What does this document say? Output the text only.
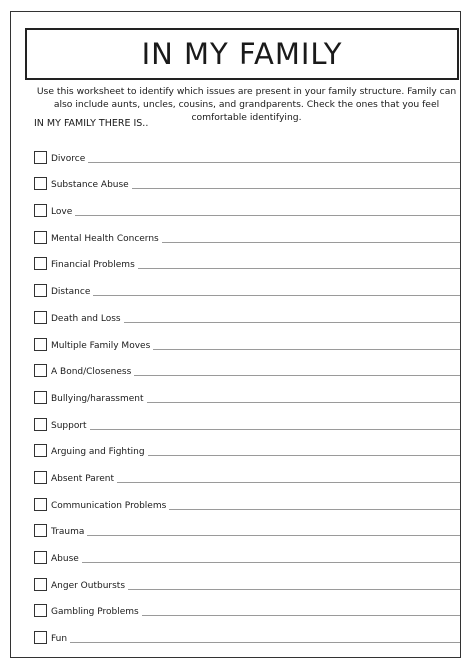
IN MY FAMILY

Use this worksheet to identify which issues are present in your family structure. Family can also include aunts, uncles, cousins, and grandparents. Check the ones that you feel comfortable identifying.

IN MY FAMILY THERE IS..

Divorce
Substance Abuse
Love
Mental Health Concerns
Financial Problems
Distance
Death and Loss
Multiple Family Moves
A Bond/Closeness
Bullying/harassment
Support
Arguing and Fighting
Absent Parent
Communication Problems
Trauma
Abuse
Anger Outbursts
Gambling Problems
Fun
